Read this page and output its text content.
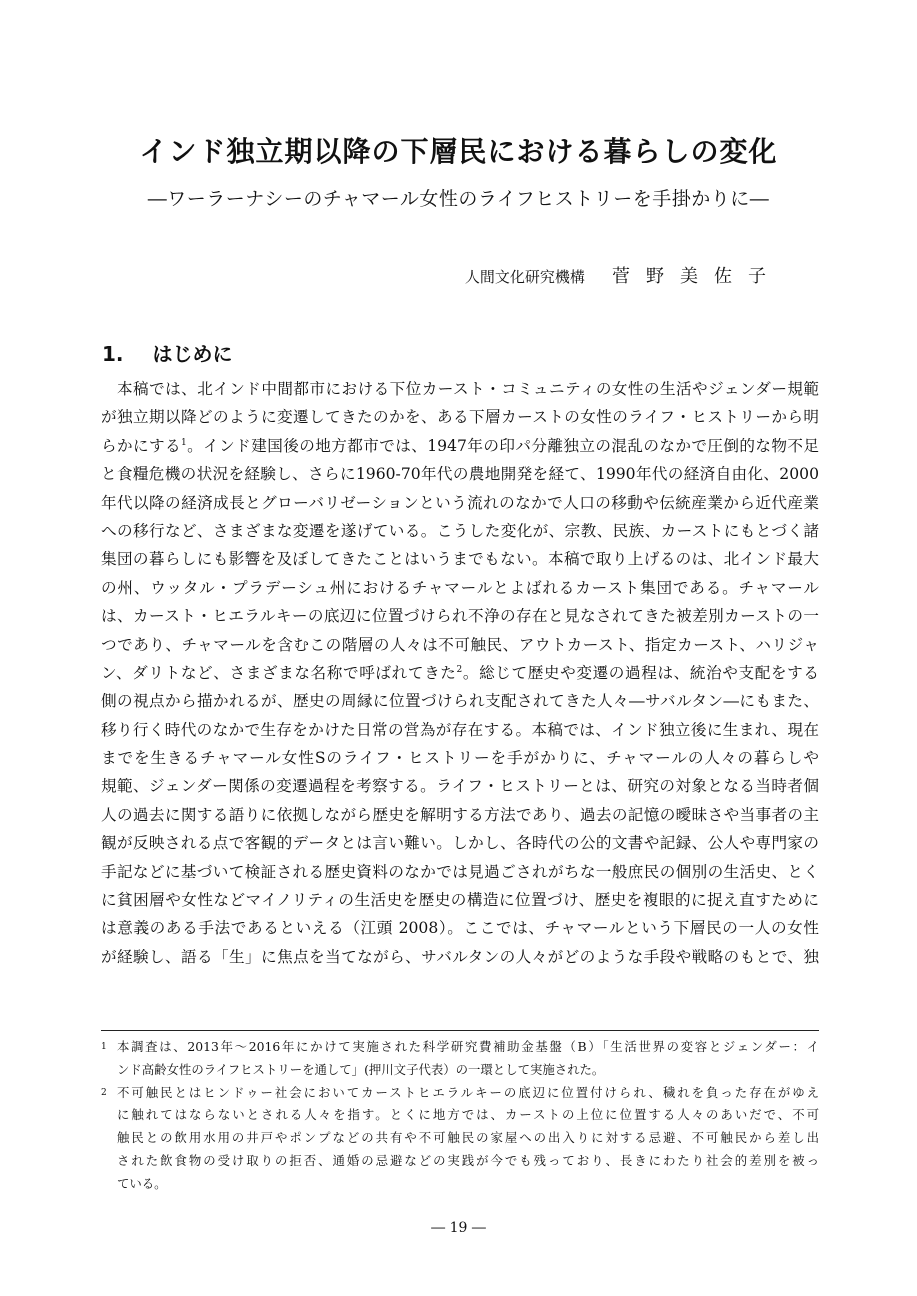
インド独立期以降の下層民における暮らしの変化
―ワーラーナシーのチャマール女性のライフヒストリーを手掛かりに―
人間文化研究機構 菅野美佐子
1. はじめに
本稿では、北インド中間都市における下位カースト・コミュニティの女性の生活やジェンダー規範
が独立期以降どのように変遷してきたのかを、ある下層カーストの女性のライフ・ヒストリーから明
らかにする$^1$。インド建国後の地方都市では、1947年の印パ分離独立の混乱のなかで圧倒的な物不足
と食糧危機の状況を経験し、さらに1960-70年代の農地開発を経て、1990年代の経済自由化、2000
年代以降の経済成長とグローバリゼーションという流れのなかで人口の移動や伝統産業から近代産業
への移行など、さまざまな変遷を遂げている。こうした変化が、宗教、民族、カーストにもとづく諸
集団の暮らしにも影響を及ぼしてきたことはいうまでもない。本稿で取り上げるのは、北インド最大
の州、ウッタル・プラデーシュ州におけるチャマールとよばれるカースト集団である。チャマール
は、カースト・ヒエラルキーの底辺に位置づけられ不浄の存在と見なされてきた被差別カーストの一
つであり、チャマールを含むこの階層の人々は不可触民、アウトカースト、指定カースト、ハリジャ
ン、ダリトなど、さまざまな名称で呼ばれてきた$^2$。総じて歴史や変遷の過程は、統治や支配をする
側の視点から描かれるが、歴史の周縁に位置づけられ支配されてきた人々―サバルタン―にもまた、
移り行く時代のなかで生存をかけた日常の営為が存在する。本稿では、インド独立後に生まれ、現在
までを生きるチャマール女性Sのライフ・ヒストリーを手がかりに、チャマールの人々の暮らしや
規範、ジェンダー関係の変遷過程を考察する。ライフ・ヒストリーとは、研究の対象となる当時者個
人の過去に関する語りに依拠しながら歴史を解明する方法であり、過去の記憶の曖昧さや当事者の主
観が反映される点で客観的データとは言い難い。しかし、各時代の公的文書や記録、公人や専門家の
手記などに基づいて検証される歴史資料のなかでは見過ごされがちな一般庶民の個別の生活史、とく
に貧困層や女性などマイノリティの生活史を歴史の構造に位置づけ、歴史を複眼的に捉え直すために
は意義のある手法であるといえる（江頭 2008）。ここでは、チャマールという下層民の一人の女性
が経験し、語る「生」に焦点を当てながら、サバルタンの人々がどのような手段や戦略のもとで、独
1 本調査は、2013年～2016年にかけて実施された科学研究費補助金基盤（B）「生活世界の変容とジェンダー：イ
ンド高齢女性のライフヒストリーを通して」(押川文子代表）の一環として実施された。
2 不可触民とはヒンドゥー社会においてカーストヒエラルキーの底辺に位置付けられ、穢れを負った存在がゆえ
に触れてはならないとされる人々を指す。とくに地方では、カーストの上位に位置する人々のあいだで、不可
触民との飲用水用の井戸やポンプなどの共有や不可触民の家屋への出入りに対する忌避、不可触民から差し出
された飲食物の受け取りの拒否、通婚の忌避などの実践が今でも残っており、長きにわたり社会的差別を被っ
ている。
― 19 ―
